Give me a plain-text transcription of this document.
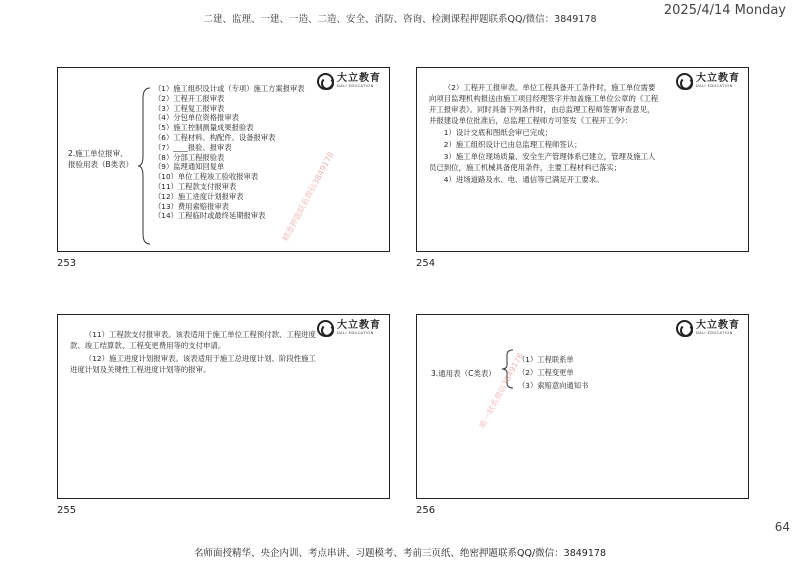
二建、监理、一建、一造、二造、安全、消防、咨询、检测课程押题联系QQ/微信：3849178
2025/4/14 Monday
大立教育
DALI EDUCATION
2.施工单位报审、
报验用表（B类表）
（1）施工组织设计或（专项）施工方案报审表
（2）工程开工报审表
（3）工程复工报审表
（4）分包单位资格报审表
（5）施工控制测量成果报验表
（6）工程材料、构配件、设备报审表
（7）____报验、报审表
（8）分部工程报验表
（9）监理通知回复单
（10）单位工程竣工验收报审表
（11）工程款支付报审表
（12）施工进度计划报审表
（13）费用索赔报审表
（14）工程临时或最终延期报审表	精准押题联系微信3849178
253
大立教育
DALI EDUCATION

（2）工程开工报审表。单位工程具备开工条件时，施工单位需要向项目监理机构报送由施工项目经理签字并加盖施工单位公章的《工程开工报审表》。同时具备下列条件时，由总监理工程师签署审查意见，并报建设单位批准后，总监理工程师方可签发《工程开工令》：

1）设计交底和图纸会审已完成；

2）施工组织设计已由总监理工程师签认；

3）施工单位现场质量、安全生产管理体系已建立，管理及施工人员已到位，施工机械具备使用条件，主要工程材料已落实；

4）进场道路及水、电、通信等已满足开工要求。

254
大立教育
DALI EDUCATION

（11）工程款支付报审表。该表适用于施工单位工程预付款、工程进度款、竣工结算款、工程变更费用等的支付申请。

（12）施工进度计划报审表。该表适用于施工总进度计划、阶段性施工进度计划及关键性工程进度计划等的报审。

255
大立教育
DALI EDUCATION
3.通用表（C类表）
（1）工程联系单
（2）工程变更单
（3）索赔意向通知书
唯一联系微信3849178
256
64
名师面授精华、央企内训、考点串讲、习题模考、考前三页纸、绝密押题联系QQ/微信：3849178
